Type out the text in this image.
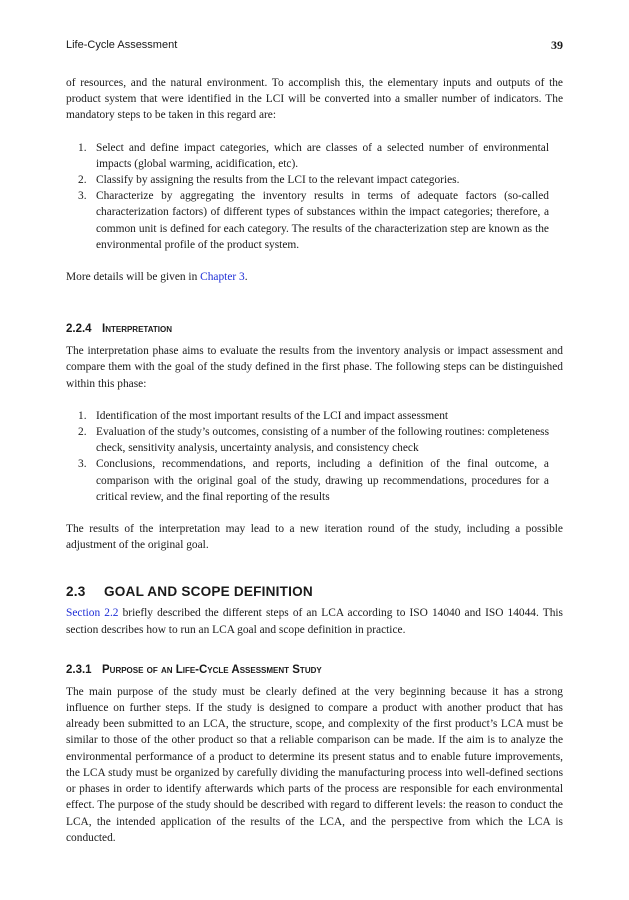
Life-Cycle Assessment	39

of resources, and the natural environment. To accomplish this, the elementary inputs and outputs of the product system that were identified in the LCI will be converted into a smaller number of indicators. The mandatory steps to be taken in this regard are:

1. Select and define impact categories, which are classes of a selected number of environmental impacts (global warming, acidification, etc).
2. Classify by assigning the results from the LCI to the relevant impact categories.
3. Characterize by aggregating the inventory results in terms of adequate factors (so-called characterization factors) of different types of substances within the impact categories; therefore, a common unit is defined for each category. The results of the characterization step are known as the environmental profile of the product system.

More details will be given in Chapter 3.

2.2.4 Interpretation

The interpretation phase aims to evaluate the results from the inventory analysis or impact assessment and compare them with the goal of the study defined in the first phase. The following steps can be distinguished within this phase:

1. Identification of the most important results of the LCI and impact assessment
2. Evaluation of the study’s outcomes, consisting of a number of the following routines: completeness check, sensitivity analysis, uncertainty analysis, and consistency check
3. Conclusions, recommendations, and reports, including a definition of the final outcome, a comparison with the original goal of the study, drawing up recommendations, procedures for a critical review, and the final reporting of the results

The results of the interpretation may lead to a new iteration round of the study, including a possible adjustment of the original goal.

2.3 GOAL AND SCOPE DEFINITION

Section 2.2 briefly described the different steps of an LCA according to ISO 14040 and ISO 14044. This section describes how to run an LCA goal and scope definition in practice.

2.3.1 Purpose of an Life-Cycle Assessment Study

The main purpose of the study must be clearly defined at the very beginning because it has a strong influence on further steps. If the study is designed to compare a product with another product that has already been submitted to an LCA, the structure, scope, and complexity of the first product’s LCA must be similar to those of the other product so that a reliable comparison can be made. If the aim is to analyze the environmental performance of a product to determine its present status and to enable future improvements, the LCA study must be organized by carefully dividing the manufacturing process into well-defined sections or phases in order to identify afterwards which parts of the process are responsible for each environmental effect. The purpose of the study should be described with regard to different levels: the reason to conduct the LCA, the intended application of the results of the LCA, and the perspective from which the LCA is conducted.
